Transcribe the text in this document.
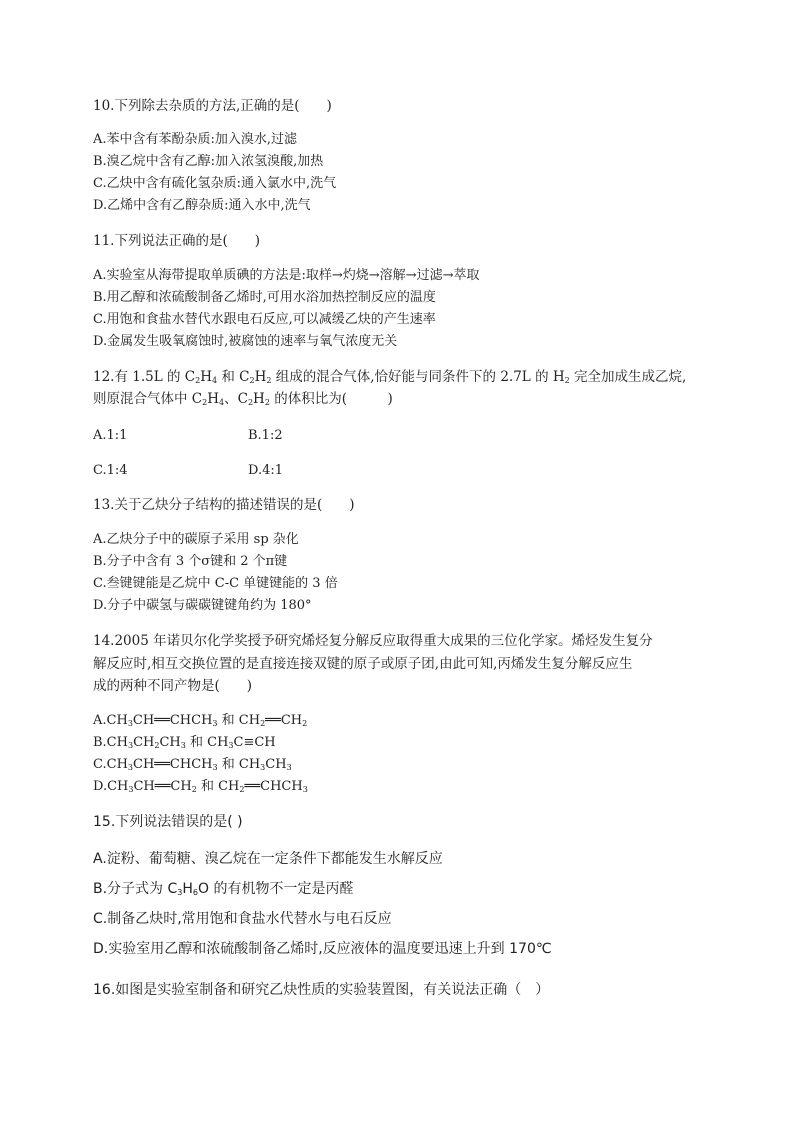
10.下列除去杂质的方法,正确的是(　　)
A.苯中含有苯酚杂质:加入溴水,过滤
B.溴乙烷中含有乙醇:加入浓氢溴酸,加热
C.乙炔中含有硫化氢杂质:通入氯水中,洗气
D.乙烯中含有乙醇杂质:通入水中,洗气
11.下列说法正确的是(　　)
A.实验室从海带提取单质碘的方法是:取样→灼烧→溶解→过滤→萃取
B.用乙醇和浓硫酸制备乙烯时,可用水浴加热控制反应的温度
C.用饱和食盐水替代水跟电石反应,可以减缓乙炔的产生速率
D.金属发生吸氧腐蚀时,被腐蚀的速率与氧气浓度无关
12.有 1.5L 的 $C_2H_4$ 和 $C_2H_2$ 组成的混合气体,恰好能与同条件下的 2.7L 的 $H_2$ 完全加成生成乙烷,
则原混合气体中 $C_2H_4$、$C_2H_2$ 的体积比为(　　　)
A.1:1	B.1:2
C.1:4	D.4:1
13.关于乙炔分子结构的描述错误的是(　　)
A.乙炔分子中的碳原子采用 sp 杂化
B.分子中含有 3 个σ键和 2 个π键
C.叁键键能是乙烷中 C-C 单键键能的 3 倍
D.分子中碳氢与碳碳键键角约为 180°
14.2005 年诺贝尔化学奖授予研究烯烃复分解反应取得重大成果的三位化学家。烯烃发生复分
解反应时,相互交换位置的是直接连接双键的原子或原子团,由此可知,丙烯发生复分解反应生
成的两种不同产物是(　　)
$A.CH_3CH══CHCH_3$ 和 $CH_2══CH_2$
$B.CH_3CH_2CH_3$ 和 $CH_3C\equiv CH$
$C.CH_3CH══CHCH_3$ 和 $CH_3CH_3$
$D.CH_3CH══CH_2$ 和 $CH_2══CHCH_3$
15.下列说法错误的是( )
A.淀粉、葡萄糖、溴乙烷在一定条件下都能发生水解反应
B.分子式为 $C_3H_6O$ 的有机物不一定是丙醛
C.制备乙炔时,常用饱和食盐水代替水与电石反应
D.实验室用乙醇和浓硫酸制备乙烯时,反应液体的温度要迅速上升到 170℃
16.如图是实验室制备和研究乙炔性质的实验装置图，有关说法正确（　）
